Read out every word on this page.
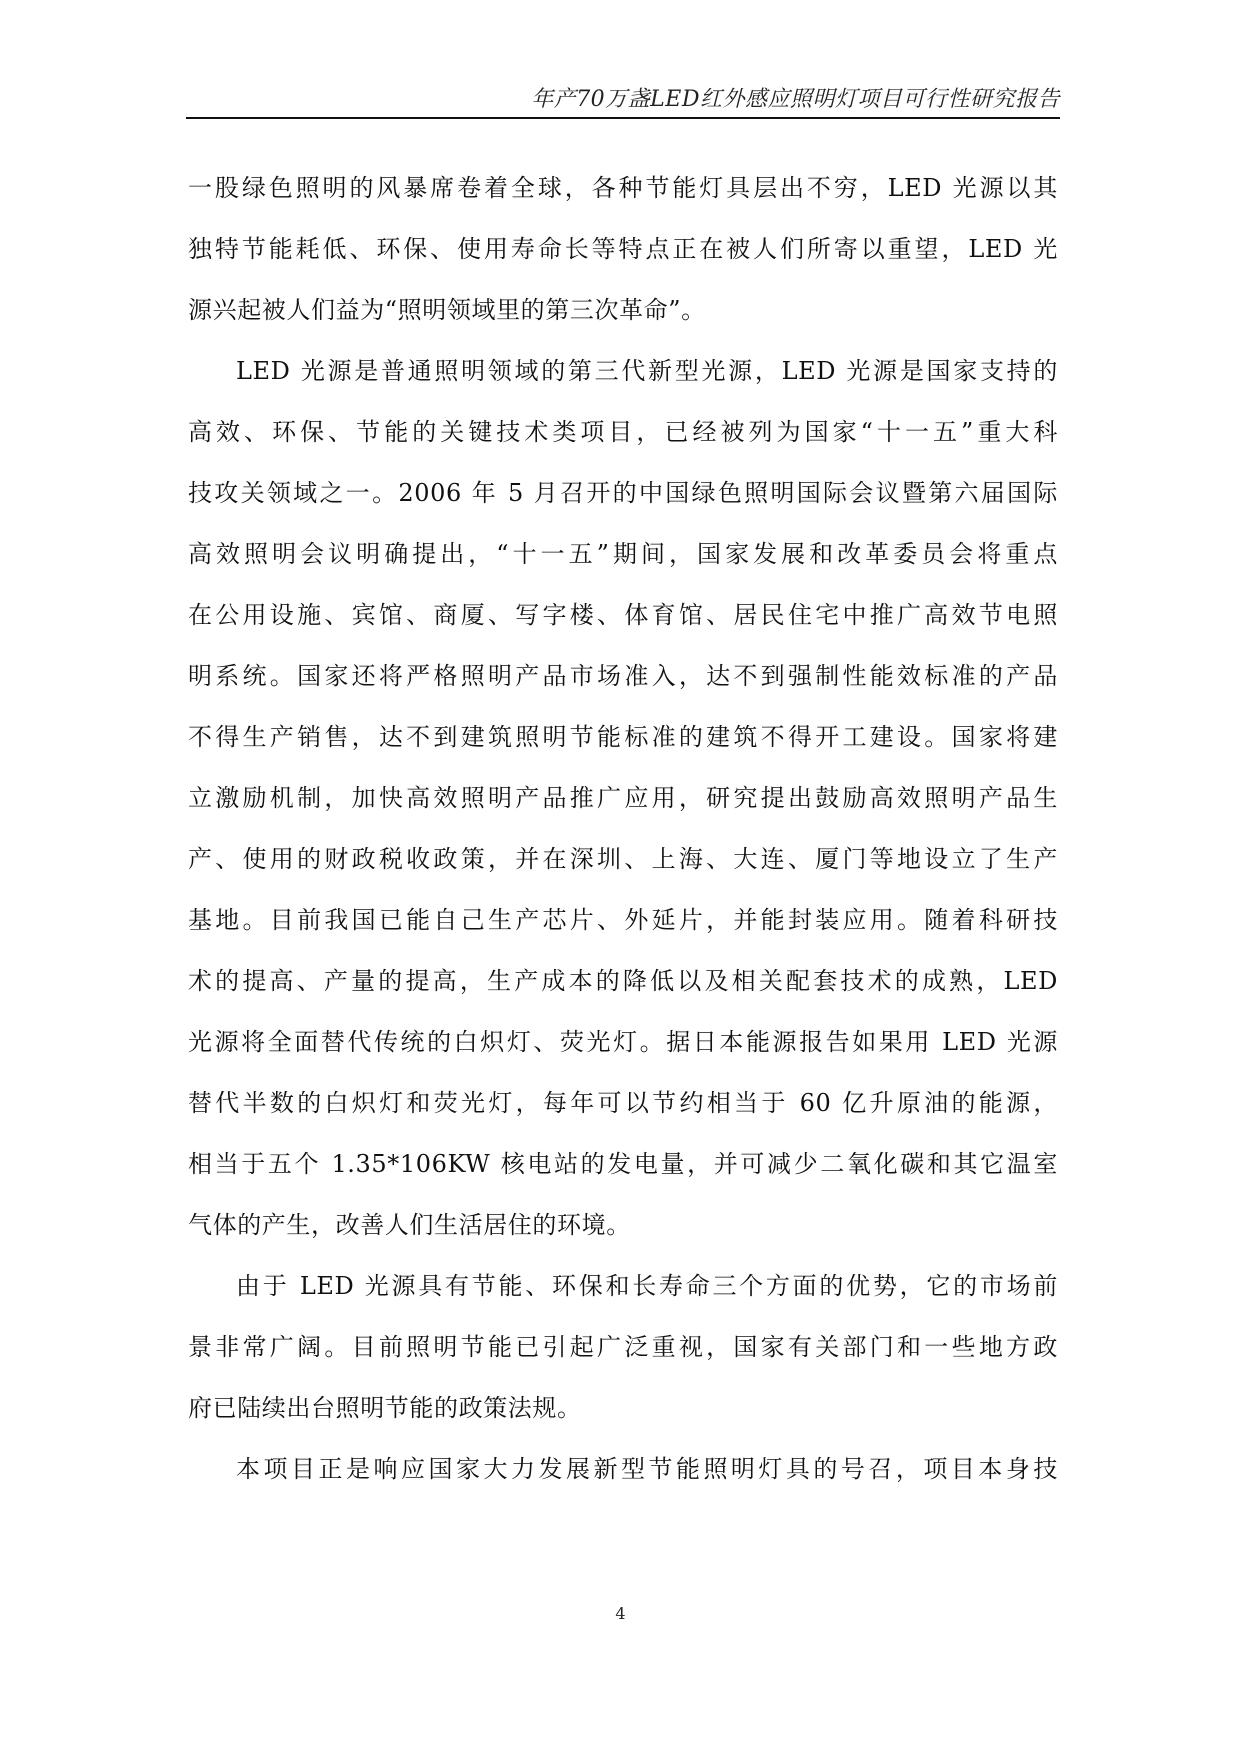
年产70万盏LED红外感应照明灯项目可行性研究报告

一股绿色照明的风暴席卷着全球，各种节能灯具层出不穷，LED 光源以其
独特节能耗低、环保、使用寿命长等特点正在被人们所寄以重望，LED 光
源兴起被人们益为“照明领域里的第三次革命”。

LED 光源是普通照明领域的第三代新型光源，LED 光源是国家支持的
高效、环保、节能的关键技术类项目，已经被列为国家“十一五”重大科
技攻关领域之一。2006 年 5 月召开的中国绿色照明国际会议暨第六届国际
高效照明会议明确提出，“十一五”期间，国家发展和改革委员会将重点
在公用设施、宾馆、商厦、写字楼、体育馆、居民住宅中推广高效节电照
明系统。国家还将严格照明产品市场准入，达不到强制性能效标准的产品
不得生产销售，达不到建筑照明节能标准的建筑不得开工建设。国家将建
立激励机制，加快高效照明产品推广应用，研究提出鼓励高效照明产品生
产、使用的财政税收政策，并在深圳、上海、大连、厦门等地设立了生产
基地。目前我国已能自己生产芯片、外延片，并能封装应用。随着科研技
术的提高、产量的提高，生产成本的降低以及相关配套技术的成熟，LED
光源将全面替代传统的白炽灯、荧光灯。据日本能源报告如果用 LED 光源
替代半数的白炽灯和荧光灯，每年可以节约相当于 60 亿升原油的能源，
相当于五个 1.35*106KW 核电站的发电量，并可减少二氧化碳和其它温室
气体的产生，改善人们生活居住的环境。

由于 LED 光源具有节能、环保和长寿命三个方面的优势，它的市场前
景非常广阔。目前照明节能已引起广泛重视，国家有关部门和一些地方政
府已陆续出台照明节能的政策法规。

本项目正是响应国家大力发展新型节能照明灯具的号召，项目本身技

4
